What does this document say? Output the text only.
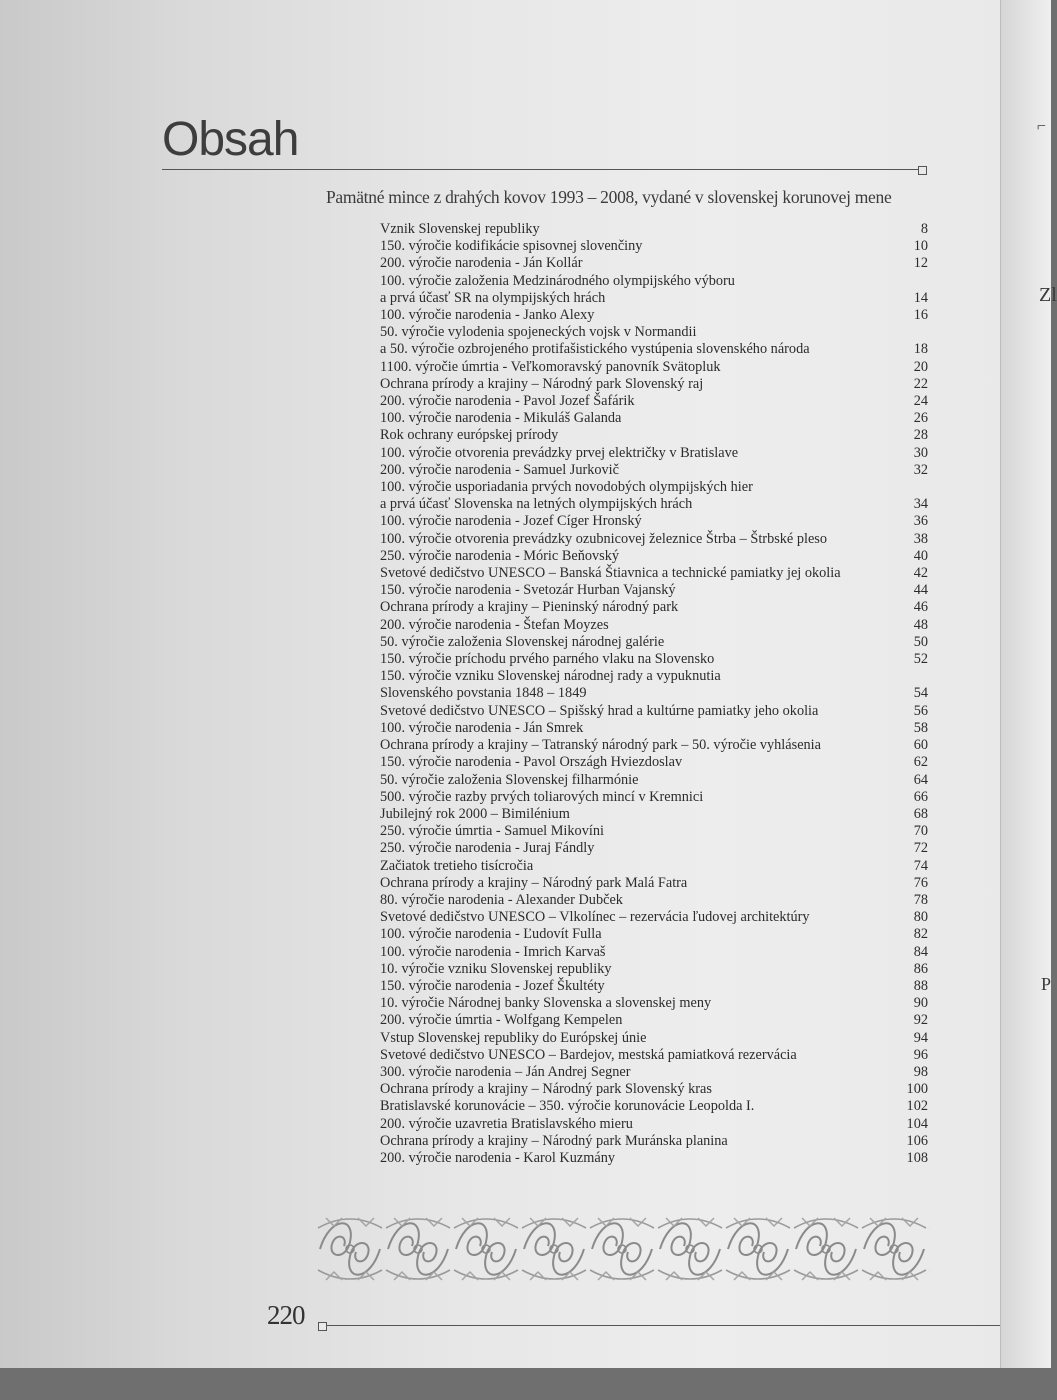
Obsah
Pamätné mince z drahých kovov 1993 – 2008, vydané v slovenskej korunovej mene
Vznik Slovenskej republiky	8
150. výročie kodifikácie spisovnej slovenčiny	10
200. výročie narodenia - Ján Kollár	12
100. výročie založenia Medzinárodného olympijského výboru
a prvá účasť SR na olympijských hrách	14
100. výročie narodenia - Janko Alexy	16
50. výročie vylodenia spojeneckých vojsk v Normandii
a 50. výročie ozbrojeného protifašistického vystúpenia slovenského národa	18
1100. výročie úmrtia - Veľkomoravský panovník Svätopluk	20
Ochrana prírody a krajiny – Národný park Slovenský raj	22
200. výročie narodenia - Pavol Jozef Šafárik	24
100. výročie narodenia - Mikuláš Galanda	26
Rok ochrany európskej prírody	28
100. výročie otvorenia prevádzky prvej električky v Bratislave	30
200. výročie narodenia - Samuel Jurkovič	32
100. výročie usporiadania prvých novodobých olympijských hier
a prvá účasť Slovenska na letných olympijských hrách	34
100. výročie narodenia - Jozef Cíger Hronský	36
100. výročie otvorenia prevádzky ozubnicovej železnice Štrba – Štrbské pleso	38
250. výročie narodenia - Móric Beňovský	40
Svetové dedičstvo UNESCO – Banská Štiavnica a technické pamiatky jej okolia	42
150. výročie narodenia - Svetozár Hurban Vajanský	44
Ochrana prírody a krajiny – Pieninský národný park	46
200. výročie narodenia - Štefan Moyzes	48
50. výročie založenia Slovenskej národnej galérie	50
150. výročie príchodu prvého parného vlaku na Slovensko	52
150. výročie vzniku Slovenskej národnej rady a vypuknutia
Slovenského povstania 1848 – 1849	54
Svetové dedičstvo UNESCO – Spišský hrad a kultúrne pamiatky jeho okolia	56
100. výročie narodenia - Ján Smrek	58
Ochrana prírody a krajiny – Tatranský národný park – 50. výročie vyhlásenia	60
150. výročie narodenia - Pavol Országh Hviezdoslav	62
50. výročie založenia Slovenskej filharmónie	64
500. výročie razby prvých toliarových mincí v Kremnici	66
Jubilejný rok 2000 – Bimilénium	68
250. výročie úmrtia - Samuel Mikovíni	70
250. výročie narodenia - Juraj Fándly	72
Začiatok tretieho tisícročia	74
Ochrana prírody a krajiny – Národný park Malá Fatra	76
80. výročie narodenia - Alexander Dubček	78
Svetové dedičstvo UNESCO – Vlkolínec – rezervácia ľudovej architektúry	80
100. výročie narodenia - Ľudovít Fulla	82
100. výročie narodenia - Imrich Karvaš	84
10. výročie vzniku Slovenskej republiky	86
150. výročie narodenia - Jozef Škultéty	88
10. výročie Národnej banky Slovenska a slovenskej meny	90
200. výročie úmrtia - Wolfgang Kempelen	92
Vstup Slovenskej republiky do Európskej únie	94
Svetové dedičstvo UNESCO – Bardejov, mestská pamiatková rezervácia	96
300. výročie narodenia – Ján Andrej Segner	98
Ochrana prírody a krajiny – Národný park Slovenský kras	100
Bratislavské korunovácie – 350. výročie korunovácie Leopolda I.	102
200. výročie uzavretia Bratislavského mieru	104
Ochrana prírody a krajiny – Národný park Muránska planina	106
200. výročie narodenia - Karol Kuzmány	108
220
⌐
Zl
P
